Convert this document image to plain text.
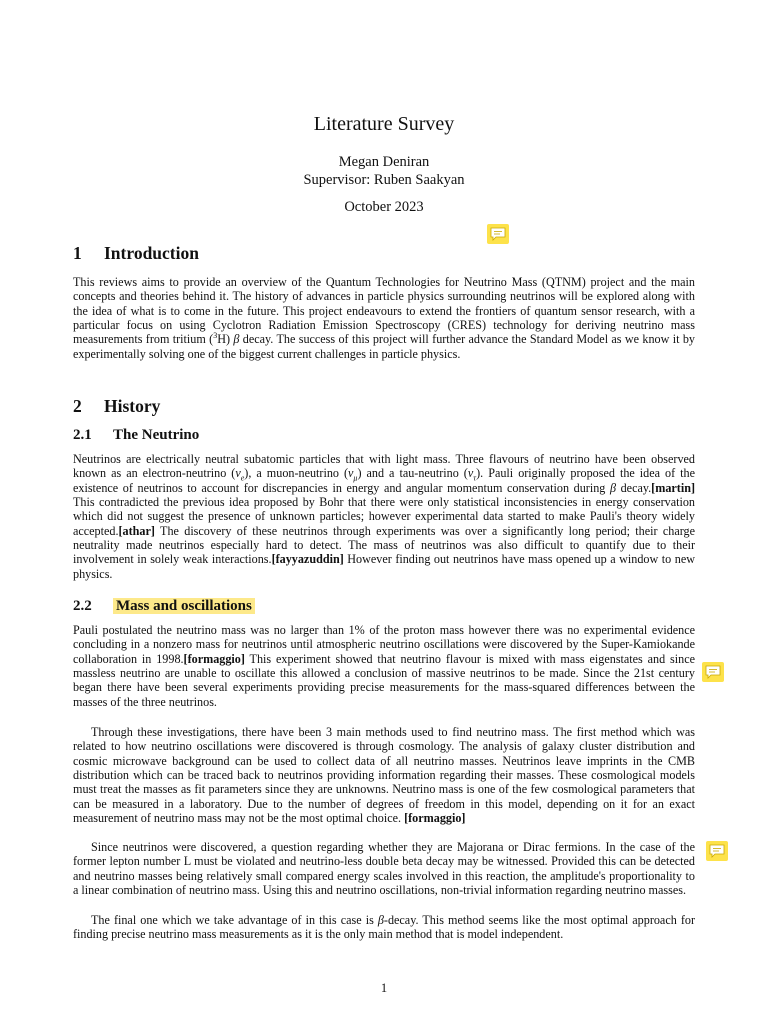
Literature Survey
Megan Deniran
Supervisor: Ruben Saakyan
October 2023
1 Introduction
This reviews aims to provide an overview of the Quantum Technologies for Neutrino Mass (QTNM) project and the main concepts and theories behind it. The history of advances in particle physics surrounding neutrinos will be explored along with the idea of what is to come in the future. This project endeavours to extend the frontiers of quantum sensor research, with a particular focus on using Cyclotron Radiation Emission Spectroscopy (CRES) technology for deriving neutrino mass measurements from tritium ($^3$H) β decay. The success of this project will further advance the Standard Model as we know it by experimentally solving one of the biggest current challenges in particle physics.
2 History
2.1 The Neutrino
Neutrinos are electrically neutral subatomic particles that with light mass. Three flavours of neutrino have been observed known as an electron-neutrino $(\nu_e)$, a muon-neutrino $(\nu_\mu)$ and a tau-neutrino $(\nu_\tau)$. Pauli originally proposed the idea of the existence of neutrinos to account for discrepancies in energy and angular momentum conservation during β decay.[martin] This contradicted the previous idea proposed by Bohr that there were only statistical inconsistencies in energy conservation which did not suggest the presence of unknown particles; however experimental data started to make Pauli's theory widely accepted.[athar] The discovery of these neutrinos through experiments was over a significantly long period; their charge neutrality made neutrinos especially hard to detect. The mass of neutrinos was also difficult to quantify due to their involvement in solely weak interactions.[fayyazuddin] However finding out neutrinos have mass opened up a window to new physics.
2.2 Mass and oscillations
Pauli postulated the neutrino mass was no larger than 1% of the proton mass however there was no experimental evidence concluding in a nonzero mass for neutrinos until atmospheric neutrino oscillations were discovered by the Super-Kamiokande collaboration in 1998.[formaggio] This experiment showed that neutrino flavour is mixed with mass eigenstates and since massless neutrino are unable to oscillate this allowed a conclusion of massive neutrinos to be made. Since the 21st century began there have been several experiments providing precise measurements for the mass-squared differences between the masses of the three neutrinos.
Through these investigations, there have been 3 main methods used to find neutrino mass. The first method which was related to how neutrino oscillations were discovered is through cosmology. The analysis of galaxy cluster distribution and cosmic microwave background can be used to collect data of all neutrino masses. Neutrinos leave imprints in the CMB distribution which can be traced back to neutrinos providing information regarding their masses. These cosmological models must treat the masses as fit parameters since they are unknowns. Neutrino mass is one of the few cosmological parameters that can be measured in a laboratory. Due to the number of degrees of freedom in this model, depending on it for an exact measurement of neutrino mass may not be the most optimal choice. [formaggio]
Since neutrinos were discovered, a question regarding whether they are Majorana or Dirac fermions. In the case of the former lepton number L must be violated and neutrino-less double beta decay may be witnessed. Provided this can be detected and neutrino masses being relatively small compared energy scales involved in this reaction, the amplitude's proportionality to a linear combination of neutrino mass. Using this and neutrino oscillations, non-trivial information regarding neutrino masses.
The final one which we take advantage of in this case is β-decay. This method seems like the most optimal approach for finding precise neutrino mass measurements as it is the only main method that is model independent.
1
